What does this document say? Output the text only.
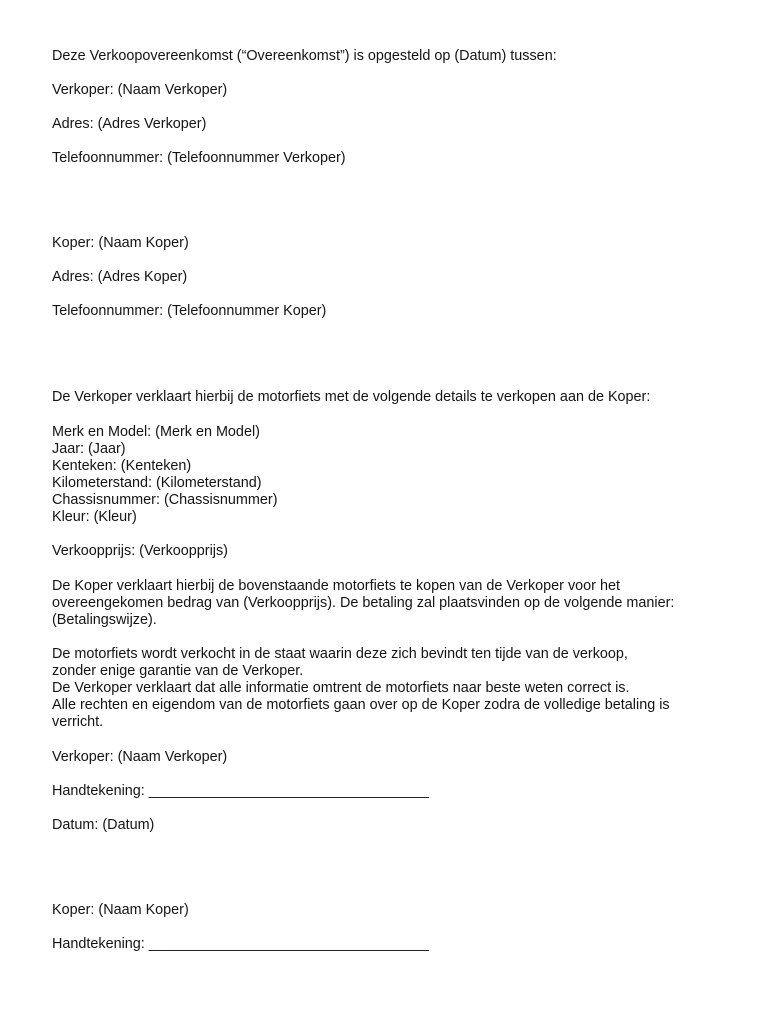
Deze Verkoopovereenkomst (“Overeenkomst”) is opgesteld op (Datum) tussen:

Verkoper: (Naam Verkoper)

Adres: (Adres Verkoper)

Telefoonnummer: (Telefoonnummer Verkoper)

Koper: (Naam Koper)

Adres: (Adres Koper)

Telefoonnummer: (Telefoonnummer Koper)

De Verkoper verklaart hierbij de motorfiets met de volgende details te verkopen aan de Koper:

Merk en Model: (Merk en Model)

Jaar: (Jaar)

Kenteken: (Kenteken)

Kilometerstand: (Kilometerstand)

Chassisnummer: (Chassisnummer)

Kleur: (Kleur)

Verkoopprijs: (Verkoopprijs)

De Koper verklaart hierbij de bovenstaande motorfiets te kopen van de Verkoper voor het

overeengekomen bedrag van (Verkoopprijs). De betaling zal plaatsvinden op de volgende manier:

(Betalingswijze).

De motorfiets wordt verkocht in de staat waarin deze zich bevindt ten tijde van de verkoop,

zonder enige garantie van de Verkoper.

De Verkoper verklaart dat alle informatie omtrent de motorfiets naar beste weten correct is.

Alle rechten en eigendom van de motorfiets gaan over op de Koper zodra de volledige betaling is

verricht.

Verkoper: (Naam Verkoper)

Handtekening: ___________________________________

Datum: (Datum)

Koper: (Naam Koper)

Handtekening: ___________________________________
